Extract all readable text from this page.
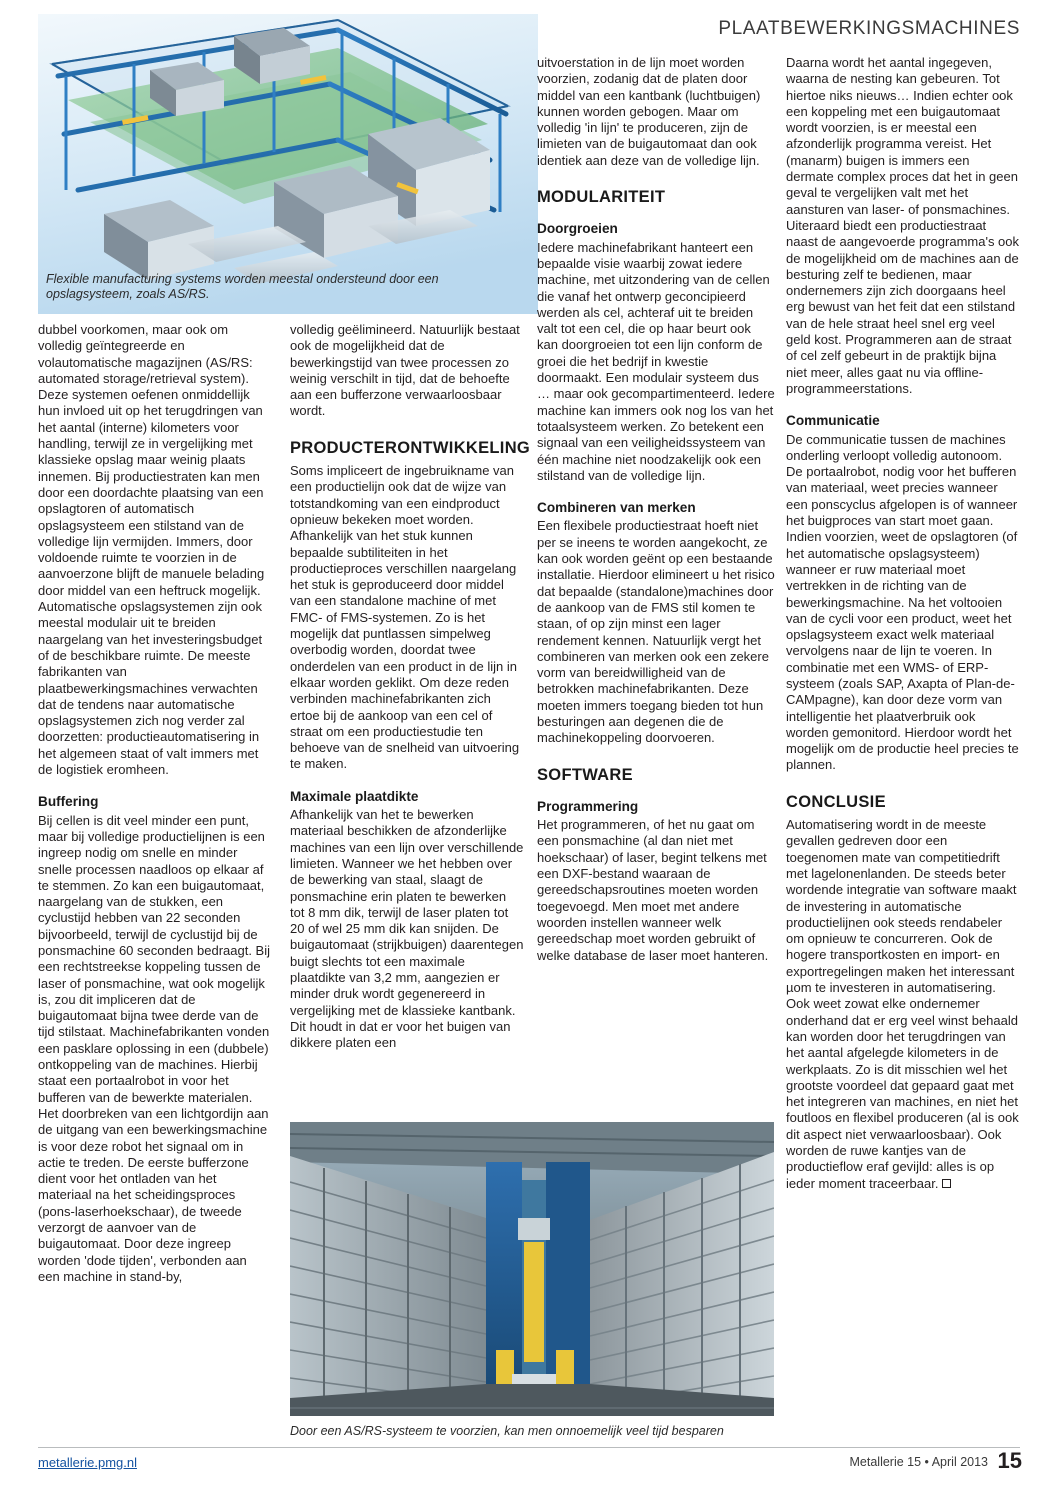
PLAATBEWERKINGSMACHINES
Flexible manufacturing systems worden meestal ondersteund door een opslagsysteem, zoals AS/RS.

dubbel voorkomen, maar ook om volledig geïntegreerde en volautomatische magazijnen (AS/RS: automated storage/retrieval system). Deze systemen oefenen onmiddellijk hun invloed uit op het terugdringen van het aantal (interne) kilometers voor handling, terwijl ze in vergelijking met klassieke opslag maar weinig plaats innemen. Bij productiestraten kan men door een doordachte plaatsing van een opslagtoren of automatisch opslagsysteem een stilstand van de volledige lijn vermijden. Immers, door voldoende ruimte te voorzien in de aanvoerzone blijft de manuele belading door middel van een heftruck mogelijk. Automatische opslagsystemen zijn ook meestal modulair uit te breiden naargelang van het investeringsbudget of de beschikbare ruimte. De meeste fabrikanten van plaatbewerkingsmachines verwachten dat de tendens naar automatische opslagsystemen zich nog verder zal doorzetten: productieautomatisering in het algemeen staat of valt immers met de logistiek eromheen.

Buffering

Bij cellen is dit veel minder een punt, maar bij volledige productielijnen is een ingreep nodig om snelle en minder snelle processen naadloos op elkaar af te stemmen. Zo kan een buigautomaat, naargelang van de stukken, een cyclustijd hebben van 22 seconden bijvoorbeeld, terwijl de cyclustijd bij de ponsmachine 60 seconden bedraagt. Bij een rechtstreekse koppeling tussen de laser of ponsmachine, wat ook mogelijk is, zou dit impliceren dat de buigautomaat bijna twee derde van de tijd stilstaat. Machinefabrikanten vonden een pasklare oplossing in een (dubbele) ontkoppeling van de machines. Hierbij staat een portaalrobot in voor het bufferen van de bewerkte materialen. Het doorbreken van een lichtgordijn aan de uitgang van een bewerkingsmachine is voor deze robot het signaal om in actie te treden. De eerste bufferzone dient voor het ontladen van het materiaal na het scheidingsproces (pons-laserhoekschaar), de tweede verzorgt de aanvoer van de buigautomaat. Door deze ingreep worden 'dode tijden', verbonden aan een machine in stand-by,

volledig geëlimineerd. Natuurlijk bestaat ook de mogelijkheid dat de bewerkingstijd van twee processen zo weinig verschilt in tijd, dat de behoefte aan een bufferzone verwaarloosbaar wordt.

PRODUCTERONTWIKKELING

Soms impliceert de ingebruikname van een productielijn ook dat de wijze van totstandkoming van een eindproduct opnieuw bekeken moet worden. Afhankelijk van het stuk kunnen bepaalde subtiliteiten in het productieproces verschillen naargelang het stuk is geproduceerd door middel van een standalone machine of met FMC- of FMS-systemen. Zo is het mogelijk dat puntlassen simpelweg overbodig worden, doordat twee onderdelen van een product in de lijn in elkaar worden geklikt. Om deze reden verbinden machinefabrikanten zich ertoe bij de aankoop van een cel of straat om een productiestudie ten behoeve van de snelheid van uitvoering te maken.

Maximale plaatdikte

Afhankelijk van het te bewerken materiaal beschikken de afzonderlijke machines van een lijn over verschillende limieten. Wanneer we het hebben over de bewerking van staal, slaagt de ponsmachine erin platen te bewerken tot 8 mm dik, terwijl de laser platen tot 20 of wel 25 mm dik kan snijden. De buigautomaat (strijkbuigen) daarentegen buigt slechts tot een maximale plaatdikte van 3,2 mm, aangezien er minder druk wordt gegenereerd in vergelijking met de klassieke kantbank. Dit houdt in dat er voor het buigen van dikkere platen een

uitvoerstation in de lijn moet worden voorzien, zodanig dat de platen door middel van een kantbank (luchtbuigen) kunnen worden gebogen. Maar om volledig 'in lijn' te produceren, zijn de limieten van de buigautomaat dan ook identiek aan deze van de volledige lijn.

MODULARITEIT
Doorgroeien

Iedere machinefabrikant hanteert een bepaalde visie waarbij zowat iedere machine, met uitzondering van de cellen die vanaf het ontwerp geconcipieerd werden als cel, achteraf uit te breiden valt tot een cel, die op haar beurt ook kan doorgroeien tot een lijn conform de groei die het bedrijf in kwestie doormaakt. Een modulair systeem dus … maar ook gecompartimenteerd. Iedere machine kan immers ook nog los van het totaalsysteem werken. Zo betekent een signaal van een veiligheidssysteem van één machine niet noodzakelijk ook een stilstand van de volledige lijn.

Combineren van merken

Een flexibele productiestraat hoeft niet per se ineens te worden aangekocht, ze kan ook worden geënt op een bestaande installatie. Hierdoor elimineert u het risico dat bepaalde (standalone)machines door de aankoop van de FMS stil komen te staan, of op zijn minst een lager rendement kennen. Natuurlijk vergt het combineren van merken ook een zekere vorm van bereidwilligheid van de betrokken machinefabrikanten. Deze moeten immers toegang bieden tot hun besturingen aan degenen die de machinekoppeling doorvoeren.

SOFTWARE
Programmering

Het programmeren, of het nu gaat om een ponsmachine (al dan niet met hoekschaar) of laser, begint telkens met een DXF-bestand waaraan de gereedschapsroutines moeten worden toegevoegd. Men moet met andere woorden instellen wanneer welk gereedschap moet worden gebruikt of welke database de laser moet hanteren.

Daarna wordt het aantal ingegeven, waarna de nesting kan gebeuren. Tot hiertoe niks nieuws… Indien echter ook een koppeling met een buigautomaat wordt voorzien, is er meestal een afzonderlijk programma vereist. Het (manarm) buigen is immers een dermate complex proces dat het in geen geval te vergelijken valt met het aansturen van laser- of ponsmachines. Uiteraard biedt een productiestraat naast de aangevoerde programma's ook de mogelijkheid om de machines aan de besturing zelf te bedienen, maar ondernemers zijn zich doorgaans heel erg bewust van het feit dat een stilstand van de hele straat heel snel erg veel geld kost. Programmeren aan de straat of cel zelf gebeurt in de praktijk bijna niet meer, alles gaat nu via offline-programmeerstations.

Communicatie

De communicatie tussen de machines onderling verloopt volledig autonoom. De portaalrobot, nodig voor het bufferen van materiaal, weet precies wanneer een ponscyclus afgelopen is of wanneer het buigproces van start moet gaan. Indien voorzien, weet de opslagtoren (of het automatische opslagsysteem) wanneer er ruw materiaal moet vertrekken in de richting van de bewerkingsmachine. Na het voltooien van de cycli voor een product, weet het opslagsysteem exact welk materiaal vervolgens naar de lijn te voeren. In combinatie met een WMS- of ERP-systeem (zoals SAP, Axapta of Plan-de-CAMpagne), kan door deze vorm van intelligentie het plaatverbruik ook worden gemonitord. Hierdoor wordt het mogelijk om de productie heel precies te plannen.

CONCLUSIE

Automatisering wordt in de meeste gevallen gedreven door een toegenomen mate van competitiedrift met lagelonenlanden. De steeds beter wordende integratie van software maakt de investering in automatische productielijnen ook steeds rendabeler om opnieuw te concurreren. Ook de hogere transportkosten en import- en exportregelingen maken het interessant µom te investeren in automatisering. Ook weet zowat elke ondernemer onderhand dat er erg veel winst behaald kan worden door het terugdringen van het aantal afgelegde kilometers in de werkplaats. Zo is dit misschien wel het grootste voordeel dat gepaard gaat met het integreren van machines, en niet het foutloos en flexibel produceren (al is ook dit aspect niet verwaarloosbaar). Ook worden de ruwe kantjes van de productieflow eraf gevijld: alles is op ieder moment traceerbaar.

Door een AS/RS-systeem te voorzien, kan men onnoemelijk veel tijd besparen
metallerie.pmg.nl	Metallerie 15 • April 2013 15
